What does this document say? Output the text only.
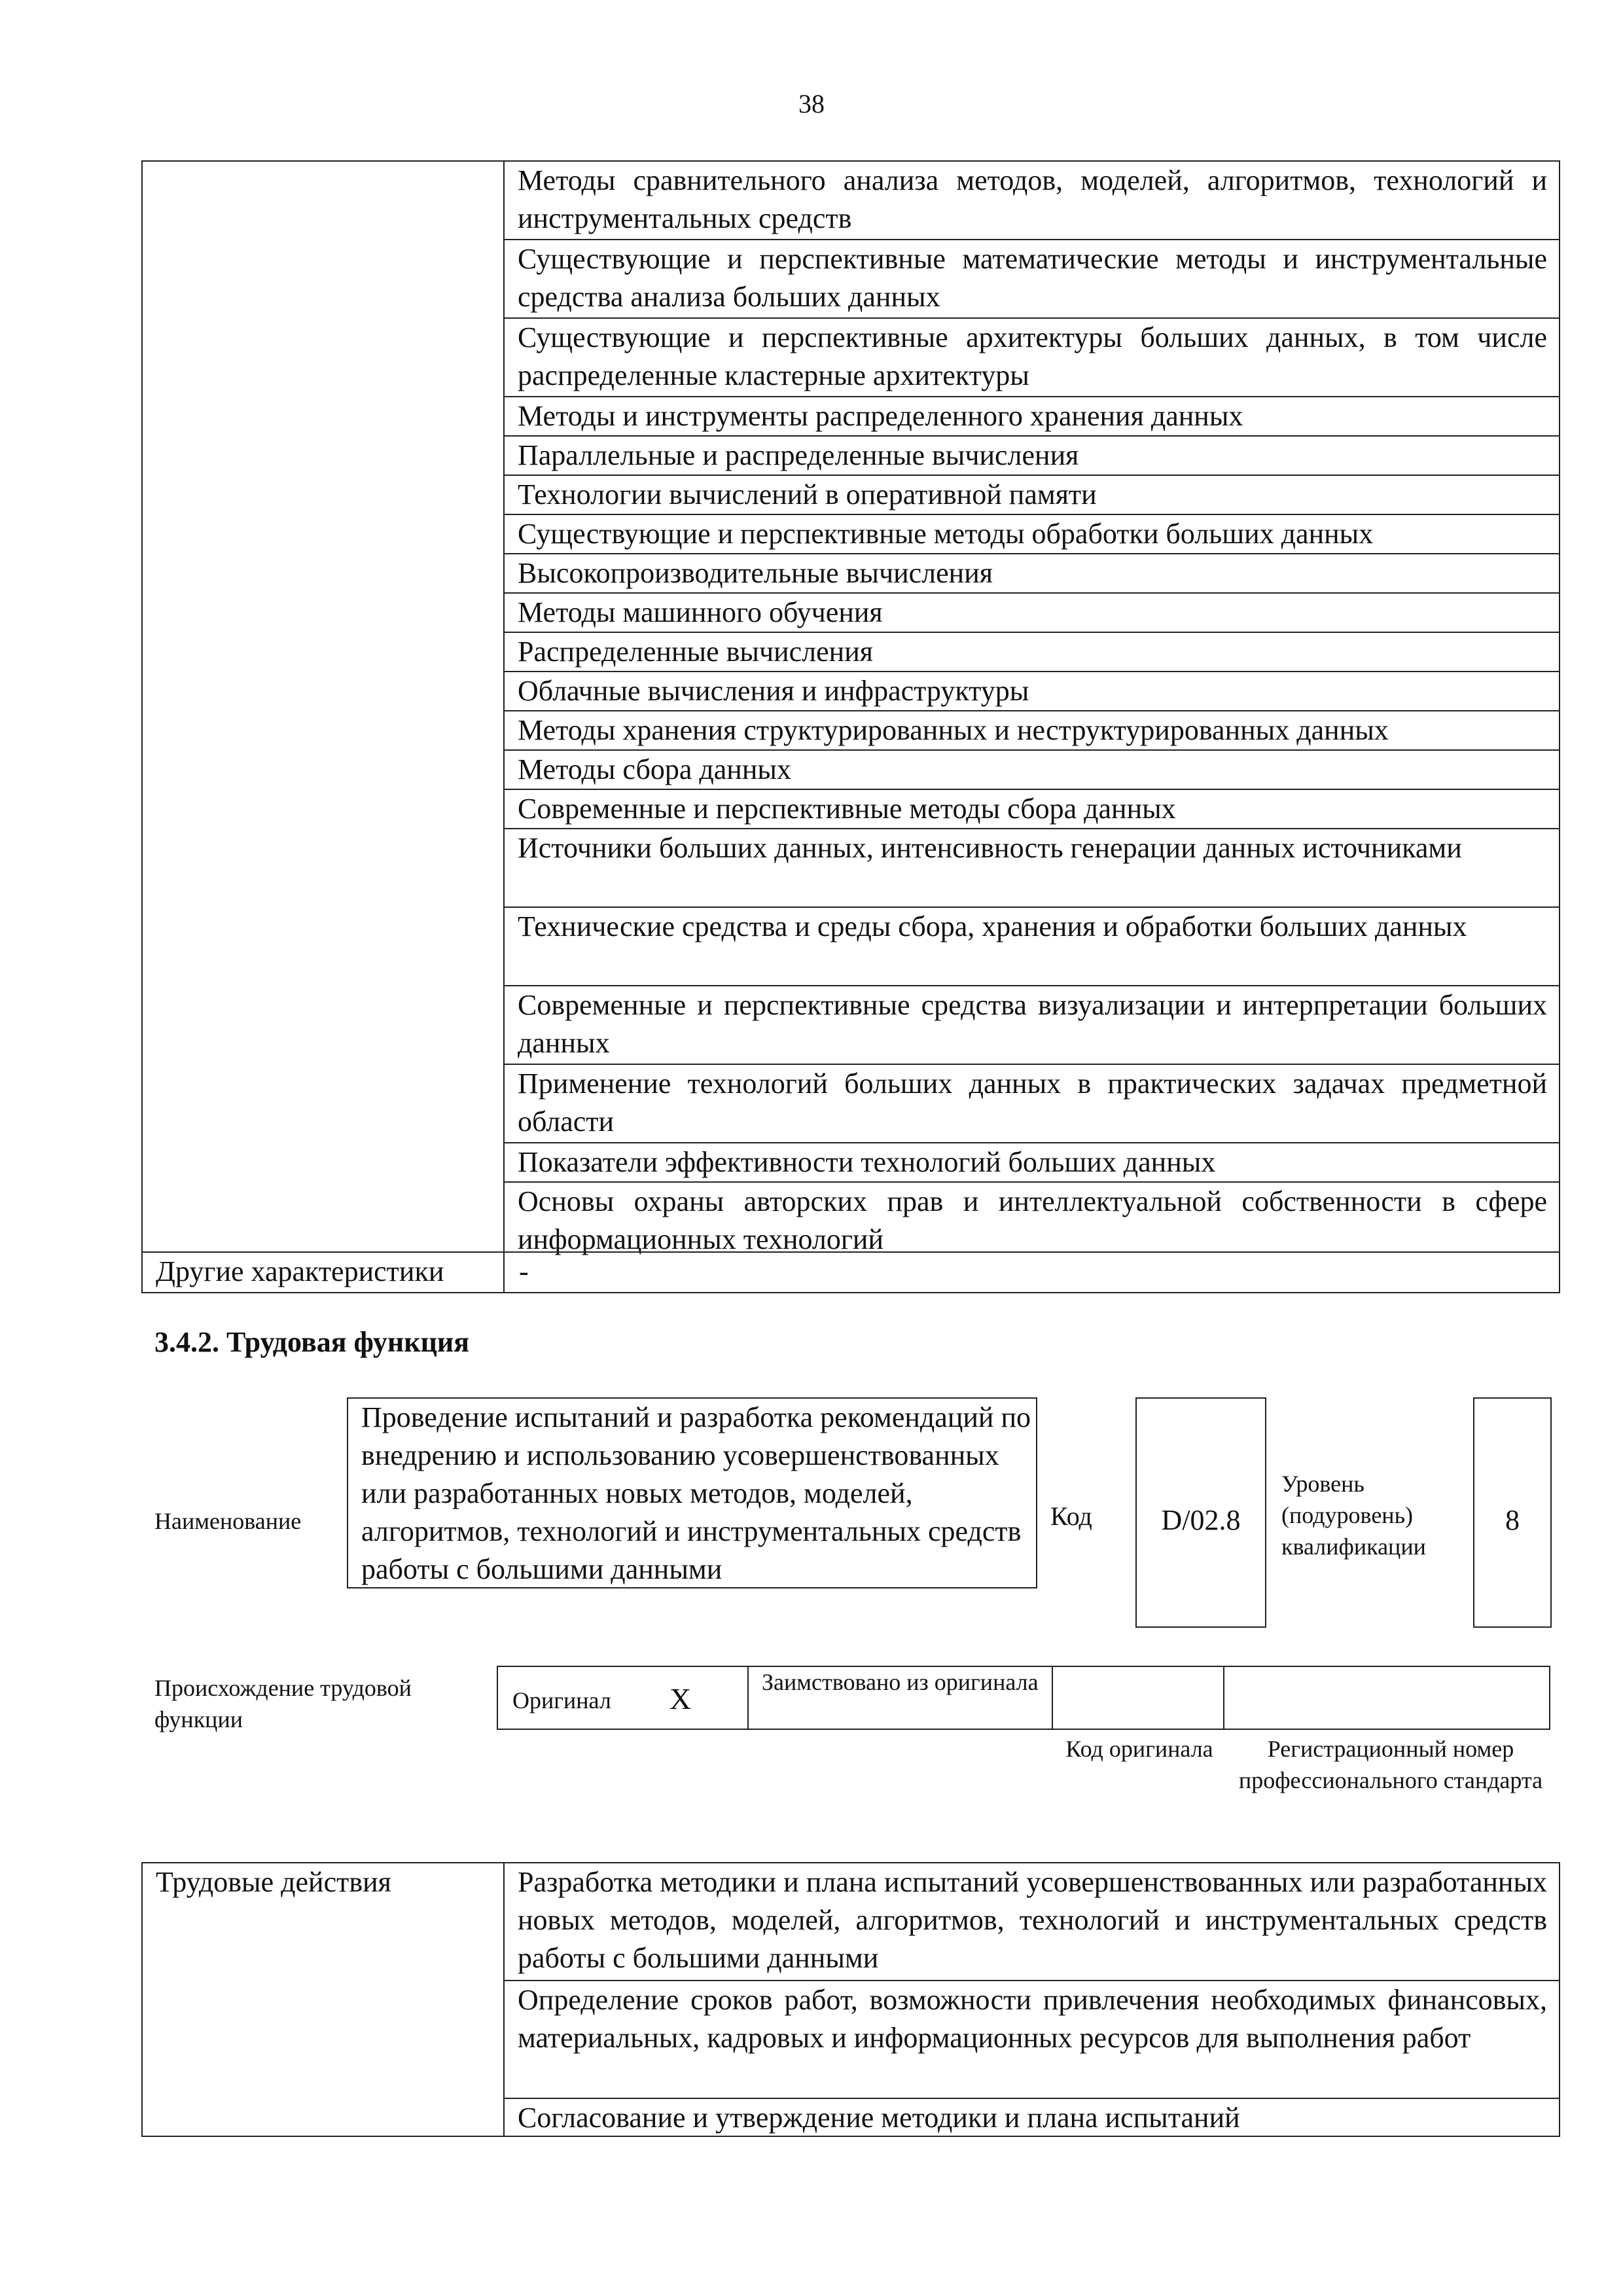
38
Методы сравнительного анализа методов, моделей, алгоритмов, технологий и инструментальных средств
Существующие и перспективные математические методы и инструментальные средства анализа больших данных
Существующие и перспективные архитектуры больших данных, в том числе распределенные кластерные архитектуры
Методы и инструменты распределенного хранения данных
Параллельные и распределенные вычисления
Технологии вычислений в оперативной памяти
Существующие и перспективные методы обработки больших данных
Высокопроизводительные вычисления
Методы машинного обучения
Распределенные вычисления
Облачные вычисления и инфраструктуры
Методы хранения структурированных и неструктурированных данных
Методы сбора данных
Современные и перспективные методы сбора данных
Источники больших данных, интенсивность генерации данных источниками
Технические средства и среды сбора, хранения и обработки больших данных
Современные и перспективные средства визуализации и интерпретации больших данных
Применение технологий больших данных в практических задачах предметной области
Показатели эффективности технологий больших данных
Основы охраны авторских прав и интеллектуальной собственности в сфере информационных технологий
Другие характеристики	-
3.4.2. Трудовая функция
Наименование
Проведение испытаний и разработка рекомендаций по внедрению и использованию усовершенствованных или разработанных новых методов, моделей, алгоритмов, технологий и инструментальных средств работы с большими данными
Код	D/02.8
Уровень (подуровень) квалификации
8
Происхождение трудовой функции
Оригинал X	Заимствовано из оригинала
Код оригинала	Регистрационный номер профессионального стандарта
Трудовые действия	Разработка методики и плана испытаний усовершенствованных или разработанных новых методов, моделей, алгоритмов, технологий и инструментальных средств работы с большими данными
Определение сроков работ, возможности привлечения необходимых финансовых, материальных, кадровых и информационных ресурсов для выполнения работ
Согласование и утверждение методики и плана испытаний
